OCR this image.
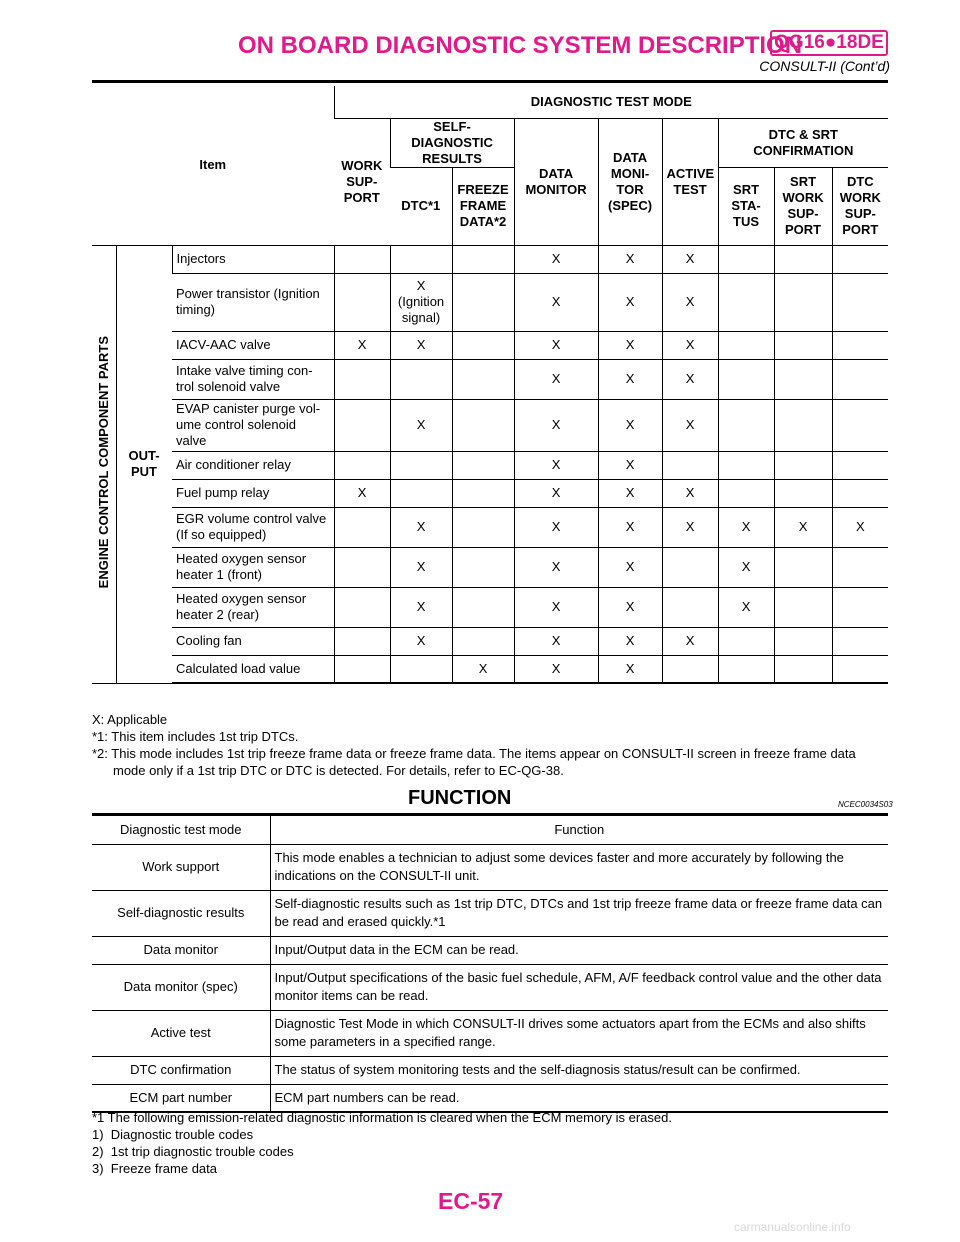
ON BOARD DIAGNOSTIC SYSTEM DESCRIPTION
QG16●18DE
CONSULT-II (Cont’d)
Item			DIAGNOSTIC TEST MODE								
			WORK SUP- PORT	SELF-DIAGNOSTIC RESULTS		DATA MONITOR	DATA MONI- TOR (SPEC)	ACTIVE TEST	DTC & SRT CONFIRMATION		
				DTC*1	FREEZE FRAME DATA*2				SRT STA- TUS	SRT WORK SUP- PORT	DTC WORK SUP- PORT
ENGINE CONTROL COMPONENT PARTS	OUT- PUT	Injectors				X	X	X			
		Power transistor (Ignition timing)		X (Ignition signal)		X	X	X			
		IACV-AAC valve	X	X		X	X	X			
		Intake valve timing con- trol solenoid valve				X	X	X			
		EVAP canister purge vol- ume control solenoid valve		X		X	X	X			
		Air conditioner relay				X	X				
		Fuel pump relay	X			X	X	X			
		EGR volume control valve (If so equipped)		X		X	X	X	X	X	X
		Heated oxygen sensor heater 1 (front)		X		X	X		X		
		Heated oxygen sensor heater 2 (rear)		X		X	X		X		
		Cooling fan		X		X	X	X			
		Calculated load value			X	X	X				
X: Applicable
*1: This item includes 1st trip DTCs.
*2: This mode includes 1st trip freeze frame data or freeze frame data. The items appear on CONSULT-II screen in freeze frame data
mode only if a 1st trip DTC or DTC is detected. For details, refer to EC-QG-38.
FUNCTION	NCEC0034S03
Diagnostic test mode	Function
Work support	This mode enables a technician to adjust some devices faster and more accurately by following the indications on the CONSULT-II unit.
Self-diagnostic results	Self-diagnostic results such as 1st trip DTC, DTCs and 1st trip freeze frame data or freeze frame data can be read and erased quickly.*1
Data monitor	Input/Output data in the ECM can be read.
Data monitor (spec)	Input/Output specifications of the basic fuel schedule, AFM, A/F feedback control value and the other data monitor items can be read.
Active test	Diagnostic Test Mode in which CONSULT-II drives some actuators apart from the ECMs and also shifts some parameters in a specified range.
DTC confirmation	The status of system monitoring tests and the self-diagnosis status/result can be confirmed.
ECM part number	ECM part numbers can be read.
*1 The following emission-related diagnostic information is cleared when the ECM memory is erased.
1)  Diagnostic trouble codes
2)  1st trip diagnostic trouble codes
3)  Freeze frame data
EC-57
carmanualsonline.info
